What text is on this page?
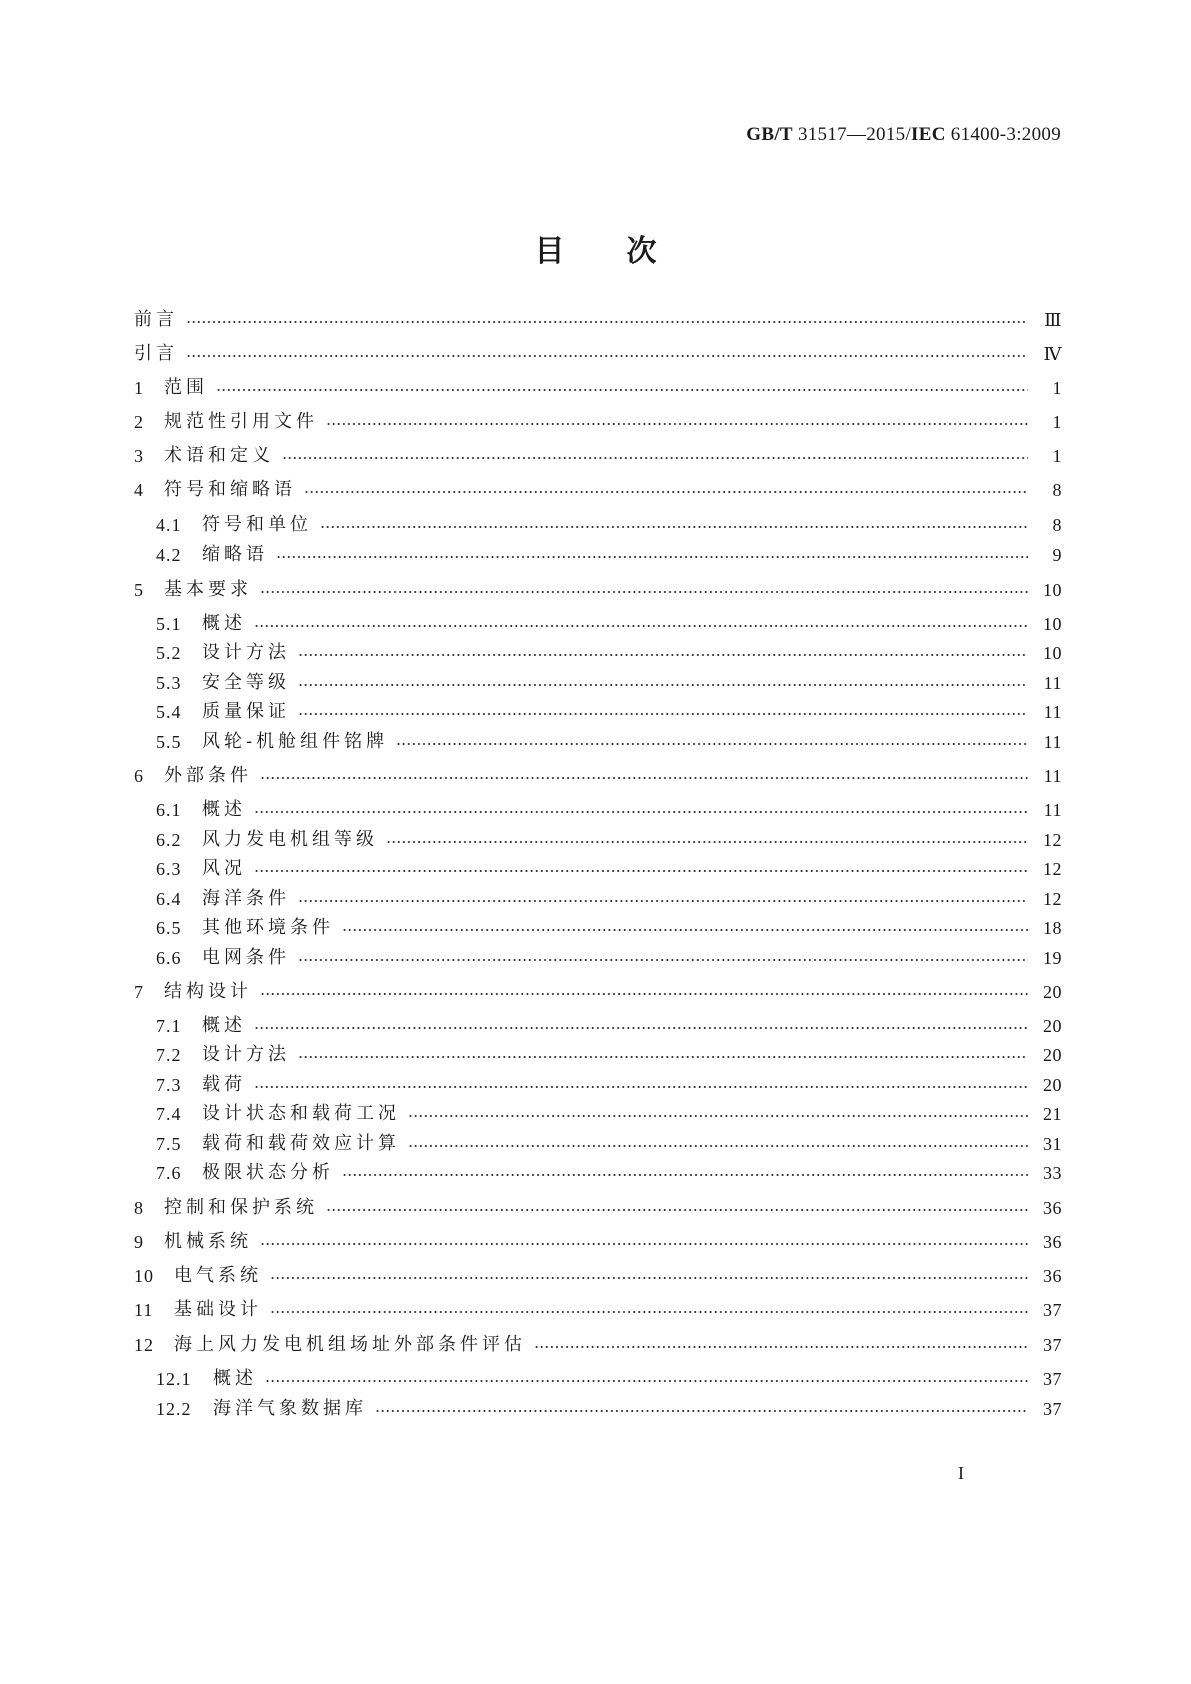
GB/T 31517—2015/IEC 61400-3:2009
目次
前言	Ⅲ
引言	Ⅳ
1	范围	1
2	规范性引用文件	1
3	术语和定义	1
4	符号和缩略语	8
4.1	符号和单位	8
4.2	缩略语	9
5	基本要求	10
5.1	概述	10
5.2	设计方法	10
5.3	安全等级	11
5.4	质量保证	11
5.5	风轮-机舱组件铭牌	11
6	外部条件	11
6.1	概述	11
6.2	风力发电机组等级	12
6.3	风况	12
6.4	海洋条件	12
6.5	其他环境条件	18
6.6	电网条件	19
7	结构设计	20
7.1	概述	20
7.2	设计方法	20
7.3	载荷	20
7.4	设计状态和载荷工况	21
7.5	载荷和载荷效应计算	31
7.6	极限状态分析	33
8	控制和保护系统	36
9	机械系统	36
10	电气系统	36
11	基础设计	37
12	海上风力发电机组场址外部条件评估	37
12.1	概述	37
12.2	海洋气象数据库	37
I
